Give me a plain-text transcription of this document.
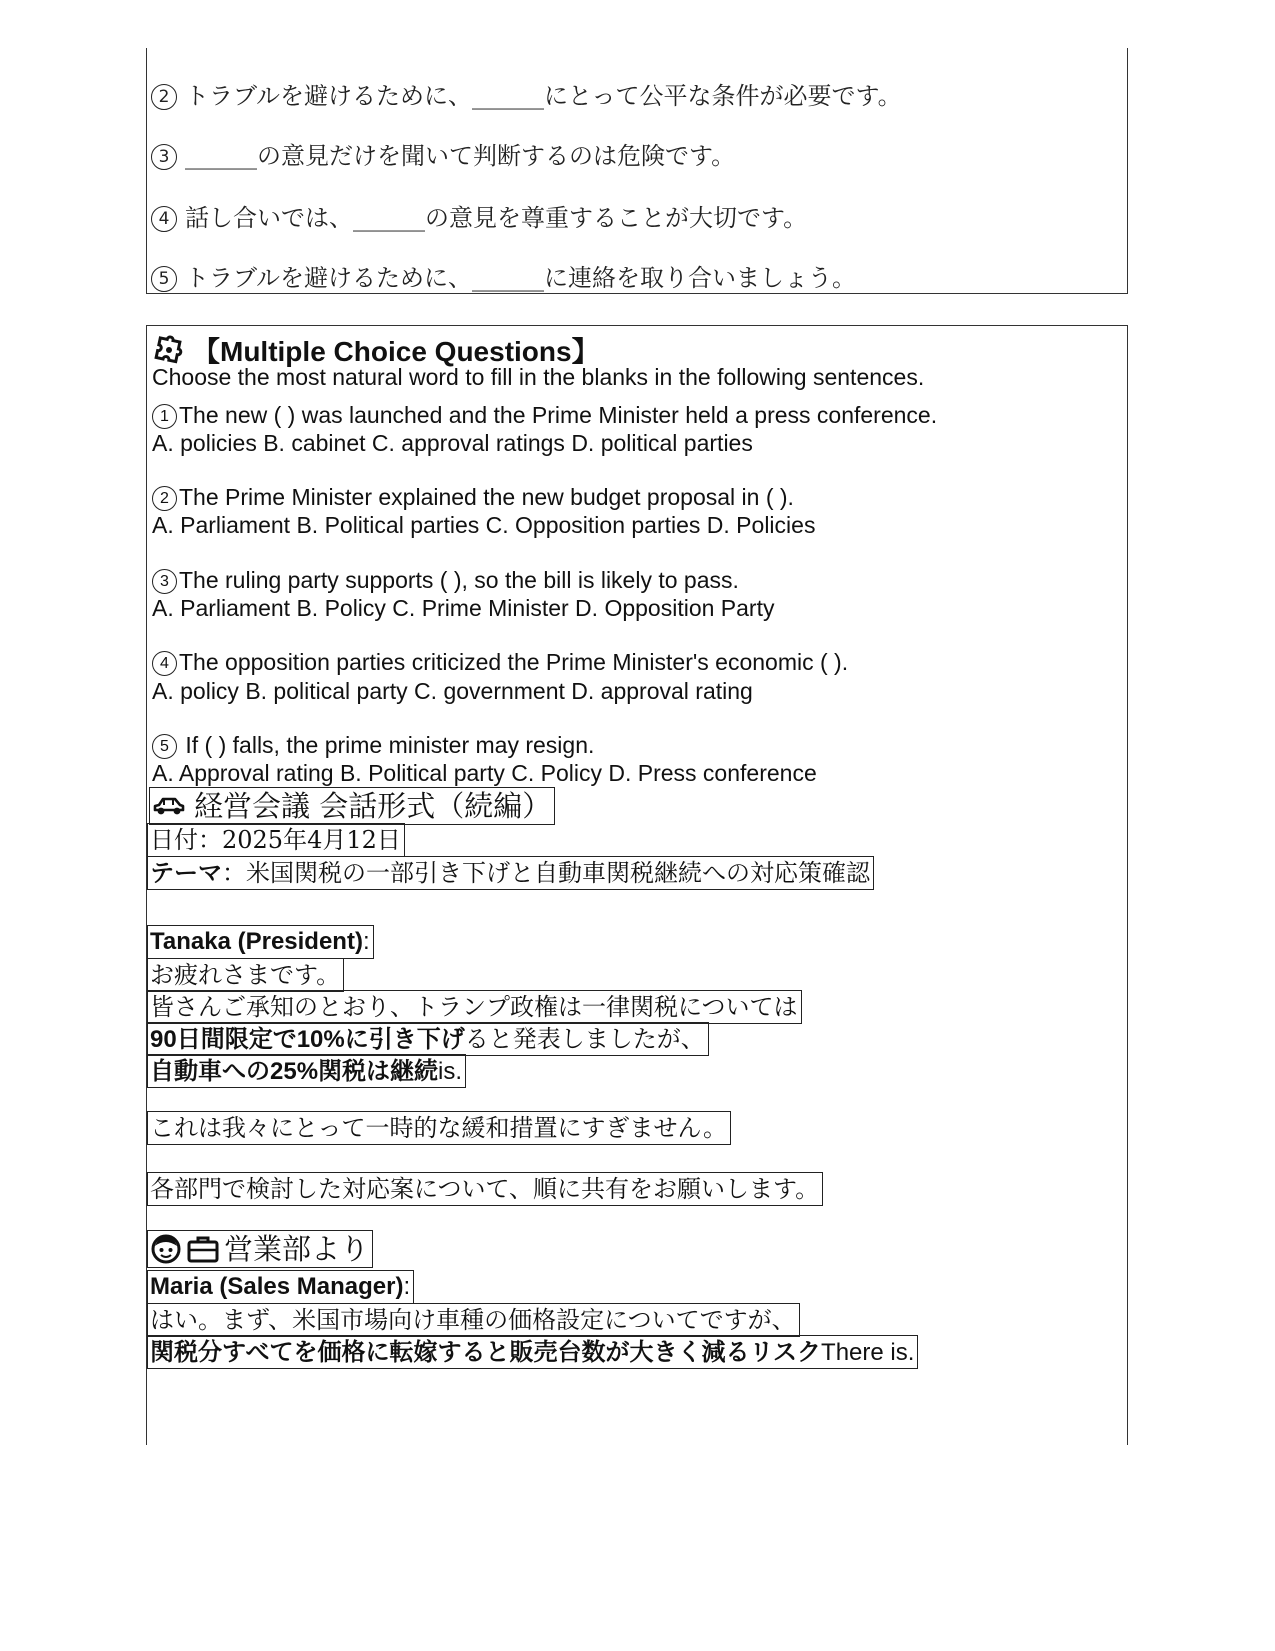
2 トラブルを避けるために、______にとって公平な条件が必要です。
3 ______の意見だけを聞いて判断するのは危険です。
4 話し合いでは、______の意見を尊重することが大切です。
5 トラブルを避けるために、______に連絡を取り合いましょう。
【Multiple Choice Questions】
Choose the most natural word to fill in the blanks in the following sentences.
1 The new ( ) was launched and the Prime Minister held a press conference.
A. policies B. cabinet C. approval ratings D. political parties
2 The Prime Minister explained the new budget proposal in ( ).
A. Parliament B. Political parties C. Opposition parties D. Policies
3 The ruling party supports ( ), so the bill is likely to pass.
A. Parliament B. Policy C. Prime Minister D. Opposition Party
4 The opposition parties criticized the Prime Minister's economic ( ).
A. policy B. political party C. government D. approval rating
5 If ( ) falls, the prime minister may resign.
A. Approval rating B. Political party C. Policy D. Press conference
経営会議 会話形式（続編）
日付：2025年4月12日
テーマ：米国関税の一部引き下げと自動車関税継続への対応策確認
Tanaka (President):
お疲れさまです。
皆さんご承知のとおり、トランプ政権は一律関税については
90日間限定で10%に引き下げると発表しましたが、
自動車への25%関税は継続is.
これは我々にとって一時的な緩和措置にすぎません。
各部門で検討した対応案について、順に共有をお願いします。
営業部より
Maria (Sales Manager):
はい。まず、米国市場向け車種の価格設定についてですが、
関税分すべてを価格に転嫁すると販売台数が大きく減るリスクThere is.
